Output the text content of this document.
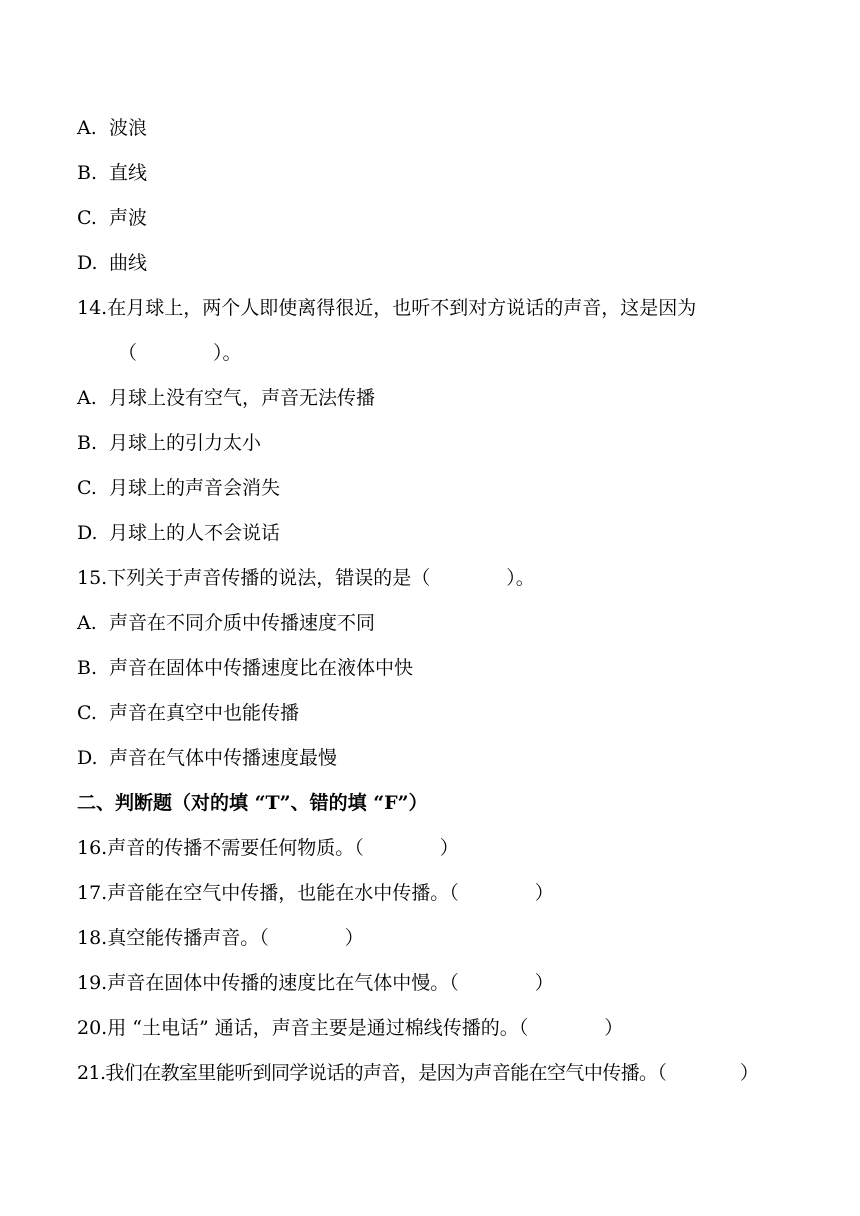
A. 波浪
B. 直线
C. 声波
D. 曲线
14.在月球上，两个人即使离得很近，也听不到对方说话的声音，这是因为
（　　　　）。
A. 月球上没有空气，声音无法传播
B. 月球上的引力太小
C. 月球上的声音会消失
D. 月球上的人不会说话
15.下列关于声音传播的说法，错误的是（　　　　）。
A. 声音在不同介质中传播速度不同
B. 声音在固体中传播速度比在液体中快
C. 声音在真空中也能传播
D. 声音在气体中传播速度最慢
二、判断题（对的填 “T”、错的填 “F”）
16.声音的传播不需要任何物质。（　　　　）
17.声音能在空气中传播，也能在水中传播。（　　　　）
18.真空能传播声音。（　　　　）
19.声音在固体中传播的速度比在气体中慢。（　　　　）
20.用 “土电话” 通话，声音主要是通过棉线传播的。（　　　　）
21.我们在教室里能听到同学说话的声音，是因为声音能在空气中传播。（　　　　）
